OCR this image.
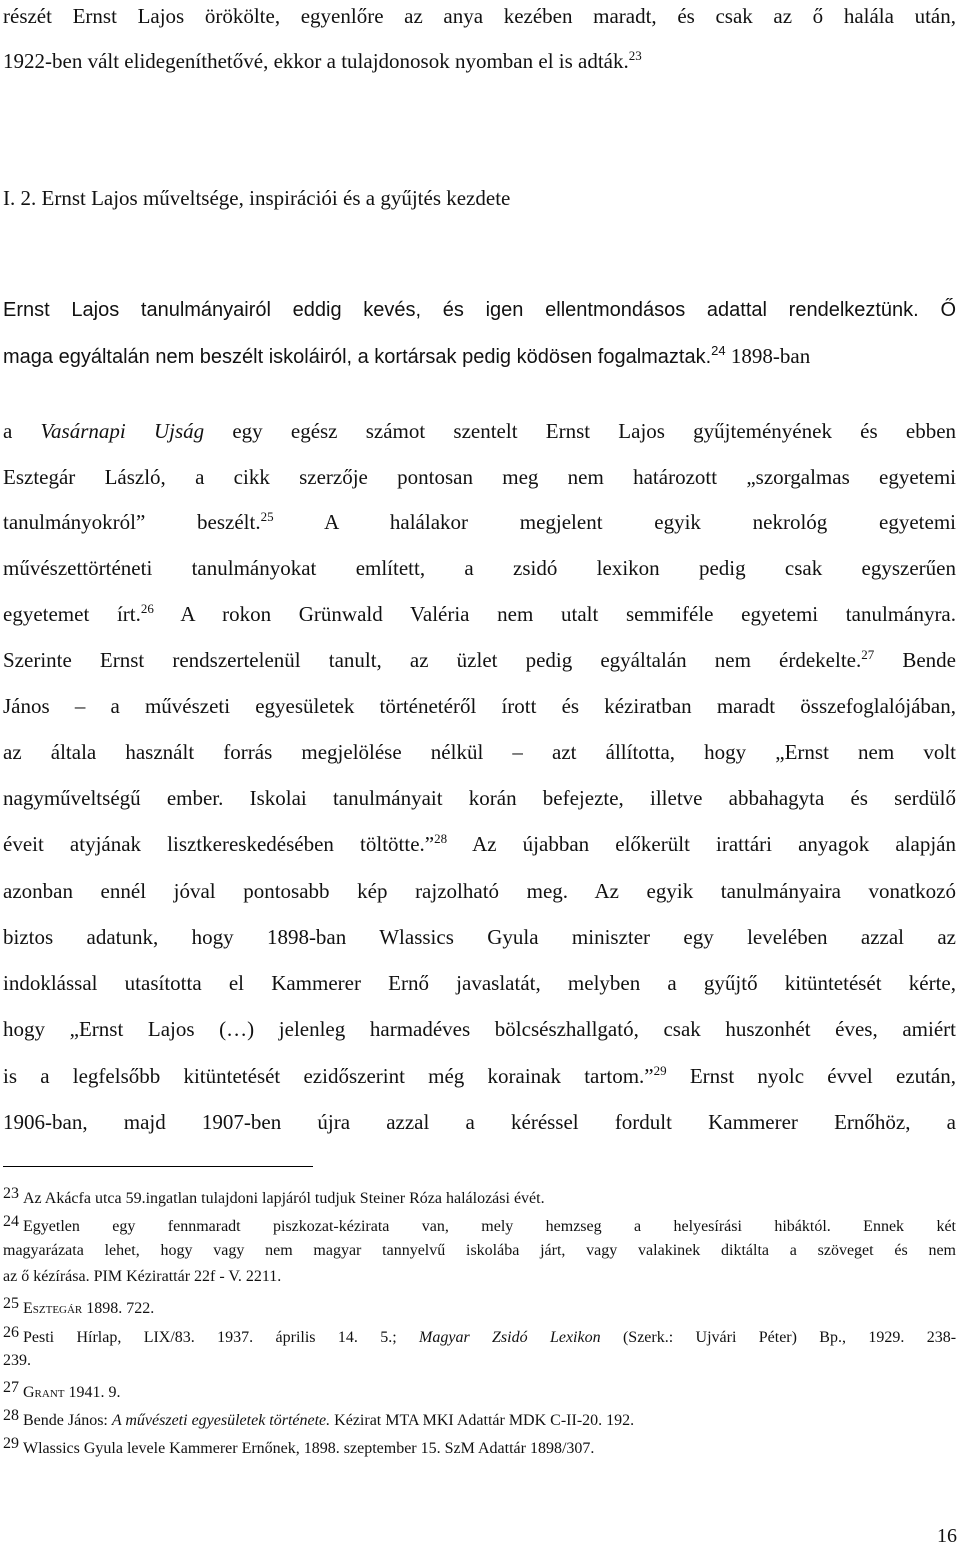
részét Ernst Lajos örökölte, egyenlőre az anya kezében maradt, és csak az ő halála után,
1922-ben vált elidegeníthetővé, ekkor a tulajdonosok nyomban el is adták.$^{23}$
I. 2. Ernst Lajos műveltsége, inspirációi és a gyűjtés kezdete
Ernst Lajos tanulmányairól eddig kevés, és igen ellentmondásos adattal rendelkeztünk. Ő
maga egyáltalán nem beszélt iskoláiról, a kortársak pedig ködösen fogalmaztak.$^{24}$ 1898-ban
a Vasárnapi Ujság egy egész számot szentelt Ernst Lajos gyűjteményének és ebben
Esztegár László, a cikk szerzője pontosan meg nem határozott „szorgalmas egyetemi
tanulmányokról” beszélt.$^{25}$ A halálakor megjelent egyik nekrológ egyetemi
művészettörténeti tanulmányokat említett, a zsidó lexikon pedig csak egyszerűen
egyetemet írt.$^{26}$ A rokon Grünwald Valéria nem utalt semmiféle egyetemi tanulmányra.
Szerinte Ernst rendszertelenül tanult, az üzlet pedig egyáltalán nem érdekelte.$^{27}$ Bende
János – a művészeti egyesületek történetéről írott és kéziratban maradt összefoglalójában,
az általa használt forrás megjelölése nélkül – azt állította, hogy „Ernst nem volt
nagyműveltségű ember. Iskolai tanulmányait korán befejezte, illetve abbahagyta és serdülő
éveit atyjának lisztkereskedésében töltötte.”$^{28}$ Az újabban előkerült irattári anyagok alapján
azonban ennél jóval pontosabb kép rajzolható meg. Az egyik tanulmányaira vonatkozó
biztos adatunk, hogy 1898-ban Wlassics Gyula miniszter egy levelében azzal az
indoklással utasította el Kammerer Ernő javaslatát, melyben a gyűjtő kitüntetését kérte,
hogy „Ernst Lajos (…) jelenleg harmadéves bölcsészhallgató, csak huszonhét éves, amiért
is a legfelsőbb kitüntetését ezidőszerint még korainak tartom.”$^{29}$ Ernst nyolc évvel ezután,
1906-ban, majd 1907-ben újra azzal a kéréssel fordult Kammerer Ernőhöz, a
23 Az Akácfa utca 59.ingatlan tulajdoni lapjáról tudjuk Steiner Róza halálozási évét.
24 Egyetlen egy fennmaradt piszkozat-kézirata van, mely hemzseg a helyesírási hibáktól. Ennek két
magyarázata lehet, hogy vagy nem magyar tannyelvű iskolába járt, vagy valakinek diktálta a szöveget és nem
az ő kézírása. PIM Kézirattár 22f - V. 2211.
25 Esztegár 1898. 722.
26 Pesti Hírlap, LIX/83. 1937. április 14. 5.; Magyar Zsidó Lexikon (Szerk.: Ujvári Péter) Bp., 1929. 238-
239.
27 Grant 1941. 9.
28 Bende János: A művészeti egyesületek története. Kézirat MTA MKI Adattár MDK C-II-20. 192.
29 Wlassics Gyula levele Kammerer Ernőnek, 1898. szeptember 15. SzM Adattár 1898/307.
16
